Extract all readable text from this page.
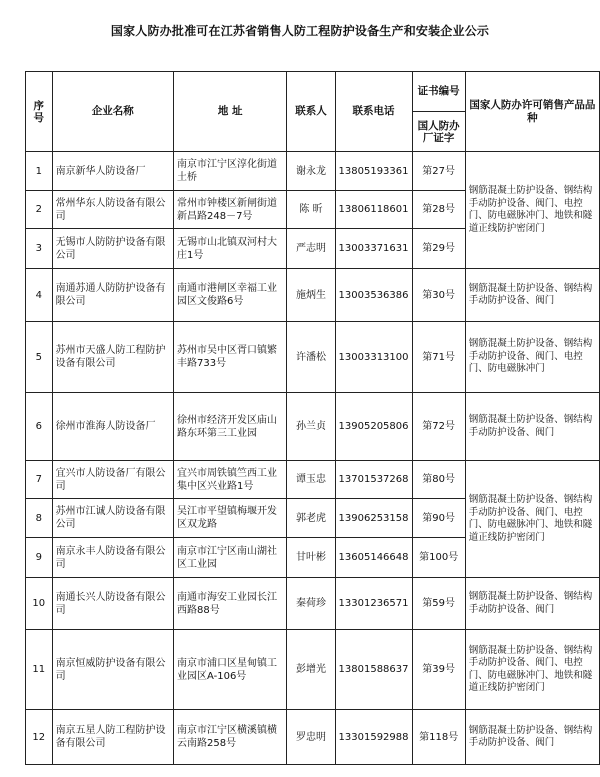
国家人防办批准可在江苏省销售人防工程防护设备生产和安装企业公示
序号	企业名称	地 址	联系人	联系电话	证书编号	国家人防办许可销售产品品种
					国人防办厂证字	
1	南京新华人防设备厂	南京市江宁区淳化街道土桥	谢永龙	13805193361	第27号	钢筋混凝土防护设备、钢结构手动防护设备、阀门、电控门、防电磁脉冲门、地铁和隧道正线防护密闭门
2	常州华东人防设备有限公司	常州市钟楼区新闸街道新昌路248－7号	陈 昕	13806118601	第28号	
3	无锡市人防防护设备有限公司	无锡市山北镇双河村大庄1号	严志明	13003371631	第29号	
4	南通苏通人防防护设备有限公司	南通市港闸区幸福工业园区文俊路6号	施炳生	13003536386	第30号	钢筋混凝土防护设备、钢结构手动防护设备、阀门
5	苏州市天盛人防工程防护设备有限公司	苏州市吴中区胥口镇繁丰路733号	许潘松	13003313100	第71号	钢筋混凝土防护设备、钢结构手动防护设备、阀门、电控门、防电磁脉冲门
6	徐州市淮海人防设备厂	徐州市经济开发区庙山路东环第三工业园	孙兰贞	13905205806	第72号	钢筋混凝土防护设备、钢结构手动防护设备、阀门
7	宜兴市人防设备厂有限公司	宜兴市周铁镇竺西工业集中区兴业路1号	谭玉忠	13701537268	第80号	钢筋混凝土防护设备、钢结构手动防护设备、阀门、电控门、防电磁脉冲门、地铁和隧道正线防护密闭门
8	苏州市江诚人防设备有限公司	吴江市平望镇梅堰开发区双龙路	郭老虎	13906253158	第90号	
9	南京永丰人防设备有限公司	南京市江宁区南山湖社区工业园	甘叶彬	13605146648	第100号	
10	南通长兴人防设备有限公司	南通市海安工业园长江西路88号	秦荷珍	13301236571	第59号	钢筋混凝土防护设备、钢结构手动防护设备、阀门
11	南京恒威防护设备有限公司	南京市浦口区星甸镇工业园区A-106号	彭增光	13801588637	第39号	钢筋混凝土防护设备、钢结构手动防护设备、阀门、电控门、防电磁脉冲门、地铁和隧道正线防护密闭门
12	南京五星人防工程防护设备有限公司	南京市江宁区横溪镇横云南路258号	罗忠明	13301592988	第118号	钢筋混凝土防护设备、钢结构手动防护设备、阀门
